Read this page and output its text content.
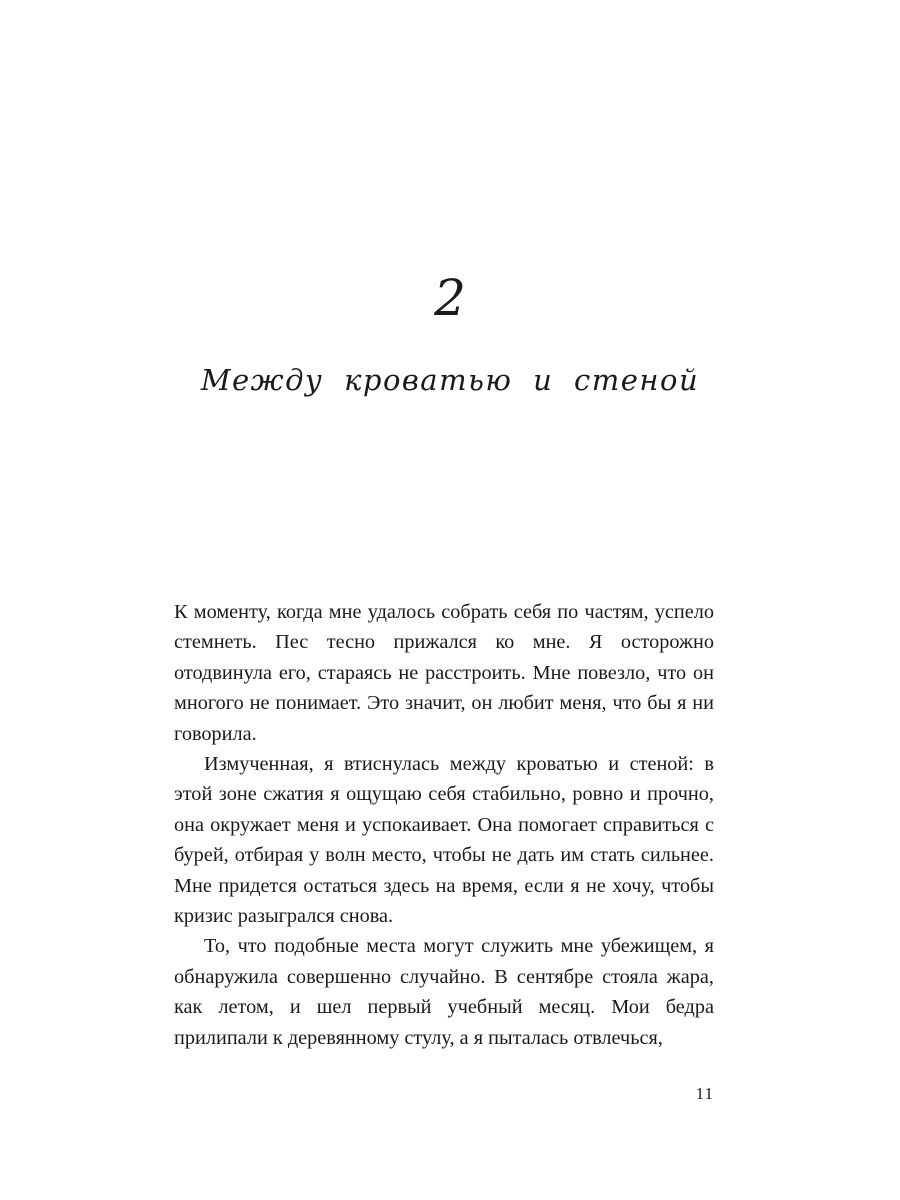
2
Между кроватью и стеной

К моменту, когда мне удалось собрать себя по частям, успело стемнеть. Пес тесно прижался ко мне. Я осторожно отодвинула его, стараясь не расстроить. Мне повезло, что он многого не понимает. Это значит, он любит меня, что бы я ни говорила.

Измученная, я втиснулась между кроватью и стеной: в этой зоне сжатия я ощущаю себя стабильно, ровно и прочно, она окружает меня и успокаивает. Она помогает справиться с бурей, отбирая у волн место, чтобы не дать им стать сильнее. Мне придется остаться здесь на время, если я не хочу, чтобы кризис разыгрался снова.

То, что подобные места могут служить мне убежищем, я обнаружила совершенно случайно. В сентябре стояла жара, как летом, и шел первый учебный месяц. Мои бедра прилипали к деревянному стулу, а я пыталась отвлечься,

11
